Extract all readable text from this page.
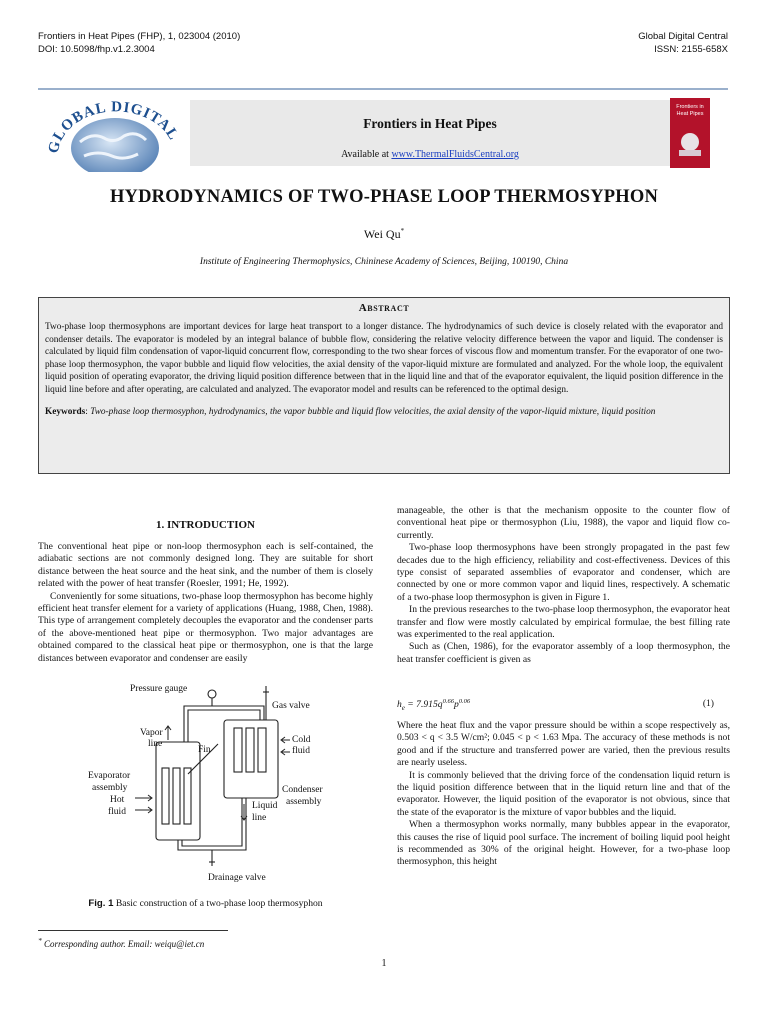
Frontiers in Heat Pipes (FHP), 1, 023004 (2010)
DOI: 10.5098/fhp.v1.2.3004
Global Digital Central
ISSN: 2155-658X
GLOBAL DIGITAL
Frontiers in Heat Pipes
Available at www.ThermalFluidsCentral.org
Frontiers in Heat Pipes
HYDRODYNAMICS OF TWO-PHASE LOOP THERMOSYPHON
Wei Qu*
Institute of Engineering Thermophysics, Chininese Academy of Sciences, Beijing, 100190, China
Abstract
Two-phase loop thermosyphons are important devices for large heat transport to a longer distance. The hydrodynamics of such device is closely related with the evaporator and condenser details. The evaporator is modeled by an integral balance of bubble flow, considering the relative velocity difference between the vapor and liquid. The condenser is calculated by liquid film condensation of vapor-liquid concurrent flow, corresponding to the two shear forces of viscous flow and momentum transfer. For the evaporator of one two-phase loop thermosyphon, the vapor bubble and liquid flow velocities, the axial density of the vapor-liquid mixture are formulated and analyzed. For the whole loop, the equivalent liquid position of operating evaporator, the driving liquid position difference between that in the liquid line and that of the evaporator equivalent, the liquid position difference in the liquid line before and after operating, are calculated and analyzed. The evaporator model and results can be referenced to the optimal design.
Keywords: Two-phase loop thermosyphon, hydrodynamics, the vapor bubble and liquid flow velocities, the axial density of the vapor-liquid mixture, liquid position
1. INTRODUCTION

The conventional heat pipe or non-loop thermosyphon each is self-contained, the adiabatic sections are not commonly designed long. They are suitable for short distance between the heat source and the heat sink, and the number of them is closely related with the power of heat transfer (Roesler, 1991; He, 1992).

Conveniently for some situations, two-phase loop thermosyphon has become highly efficient heat transfer element for a variety of applications (Huang, 1988, Chen, 1988). This type of arrangement completely decouples the evaporator and the condenser parts of the above-mentioned heat pipe or thermosyphon. Two major advantages are obtained compared to the classical heat pipe or thermosyphon, one is that the large distances between evaporator and condenser are easily

Pressure gauge
Gas valve
Vapor
line
Fin
Cold
fluid
Evaporator
assembly	Condenser
assembly
Hot
fluid
Liquid
line
Drainage valve
Fig. 1 Basic construction of a two-phase loop thermosyphon

manageable, the other is that the mechanism opposite to the counter flow of conventional heat pipe or thermosyphon (Liu, 1988), the vapor and liquid flow co-currently.

Two-phase loop thermosyphons have been strongly propagated in the past few decades due to the high efficiency, reliability and cost-effectiveness. Devices of this type consist of separated assemblies of evaporator and condenser, which are connected by one or more common vapor and liquid lines, respectively. A schematic of a two-phase loop thermosyphon is given in Figure 1.

In the previous researches to the two-phase loop thermosyphon, the evaporator heat transfer and flow were mostly calculated by empirical formulae, the best filling rate was experimented to the real application.

Such as (Chen, 1986), for the evaporator assembly of a loop thermosyphon, the heat transfer coefficient is given as

$h_e = 7.915q^{0.66}p^{0.06}$	(1)

Where the heat flux and the vapor pressure should be within a scope respectively as, 0.503 < q < 3.5 W/cm²; 0.045 < p < 1.63 Mpa. The accuracy of these methods is not good and if the structure and transferred power are varied, then the previous results are nearly useless.

It is commonly believed that the driving force of the condensation liquid return is the liquid position difference between that in the liquid return line and that of the evaporator. However, the liquid position of the evaporator is not obvious, since that the state of the evaporator is the mixture of vapor bubbles and the liquid.

When a thermosyphon works normally, many bubbles appear in the evaporator, this causes the rise of liquid pool surface. The increment of boiling liquid pool height is recommended as 30% of the original height. However, for a two-phase loop thermosyphon, this height

* Corresponding author. Email: weiqu@iet.cn
1
